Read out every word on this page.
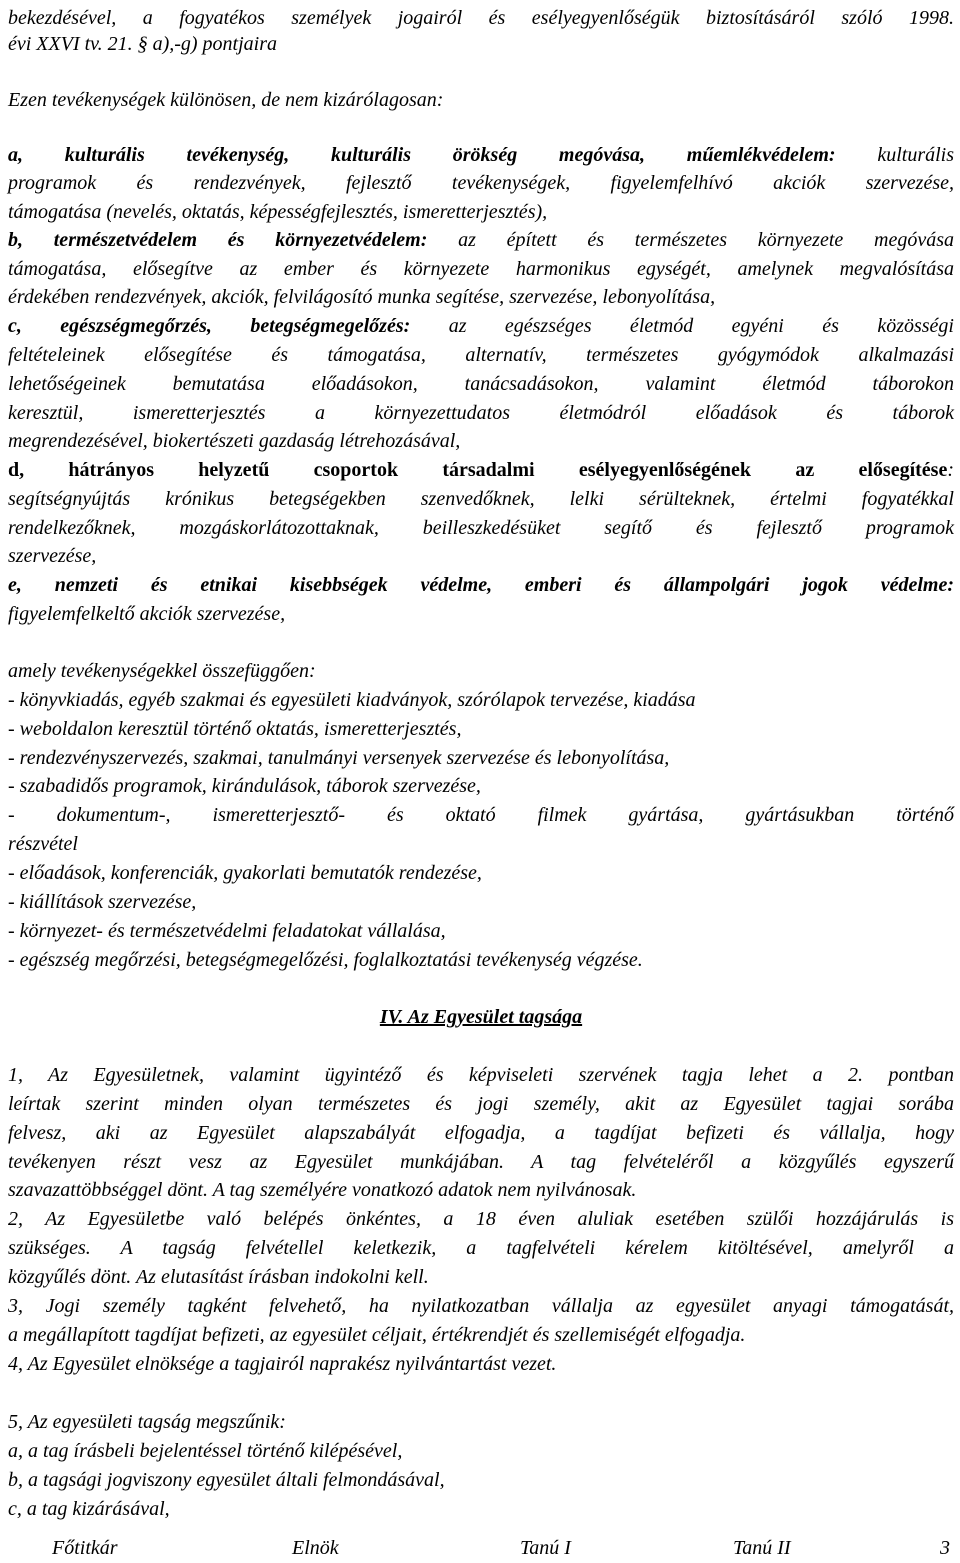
bekezdésével, a fogyatékos személyek jogairól és esélyegyenlőségük biztosításáról szóló 1998.
évi XXVI tv. 21. § a),-g) pontjaira
Ezen tevékenységek különösen, de nem kizárólagosan:
a, kulturális tevékenység, kulturális örökség megóvása, műemlékvédelem: kulturális
programok és rendezvények, fejlesztő tevékenységek, figyelemfelhívó akciók szervezése,
támogatása (nevelés, oktatás, képességfejlesztés, ismeretterjesztés),
b, természetvédelem és környezetvédelem: az épített és természetes környezete megóvása
támogatása, elősegítve az ember és környezete harmonikus egységét, amelynek megvalósítása
érdekében rendezvények, akciók, felvilágosító munka segítése, szervezése, lebonyolítása,
c, egészségmegőrzés, betegségmegelőzés: az egészséges életmód egyéni és közösségi
feltételeinek elősegítése és támogatása, alternatív, természetes gyógymódok alkalmazási
lehetőségeinek bemutatása előadásokon, tanácsadásokon, valamint életmód táborokon
keresztül, ismeretterjesztés a környezettudatos életmódról előadások és táborok
megrendezésével, biokertészeti gazdaság létrehozásával,
d, hátrányos helyzetű csoportok társadalmi esélyegyenlőségének az elősegítése:
segítségnyújtás krónikus betegségekben szenvedőknek, lelki sérülteknek, értelmi fogyatékkal
rendelkezőknek, mozgáskorlátozottaknak, beilleszkedésüket segítő és fejlesztő programok
szervezése,
e, nemzeti és etnikai kisebbségek védelme, emberi és állampolgári jogok védelme:
figyelemfelkeltő akciók szervezése,
amely tevékenységekkel összefüggően:
- könyvkiadás, egyéb szakmai és egyesületi kiadványok, szórólapok tervezése, kiadása
- weboldalon keresztül történő oktatás, ismeretterjesztés,
- rendezvényszervezés, szakmai, tanulmányi versenyek szervezése és lebonyolítása,
- szabadidős programok, kirándulások, táborok szervezése,
- dokumentum-, ismeretterjesztő- és oktató filmek gyártása, gyártásukban történő
részvétel
- előadások, konferenciák, gyakorlati bemutatók rendezése,
- kiállítások szervezése,
- környezet- és természetvédelmi feladatokat vállalása,
- egészség megőrzési, betegségmegelőzési, foglalkoztatási tevékenység végzése.
IV. Az Egyesület tagsága
1, Az Egyesületnek, valamint ügyintéző és képviseleti szervének tagja lehet a 2. pontban
leírtak szerint minden olyan természetes és jogi személy, akit az Egyesület tagjai sorába
felvesz, aki az Egyesület alapszabályát elfogadja, a tagdíjat befizeti és vállalja, hogy
tevékenyen részt vesz az Egyesület munkájában. A tag felvételéről a közgyűlés egyszerű
szavazattöbbséggel dönt. A tag személyére vonatkozó adatok nem nyilvánosak.
2, Az Egyesületbe való belépés önkéntes, a 18 éven aluliak esetében szülői hozzájárulás is
szükséges. A tagság felvétellel keletkezik, a tagfelvételi kérelem kitöltésével, amelyről a
közgyűlés dönt. Az elutasítást írásban indokolni kell.
3, Jogi személy tagként felvehető, ha nyilatkozatban vállalja az egyesület anyagi támogatását,
a megállapított tagdíjat befizeti, az egyesület céljait, értékrendjét és szellemiségét elfogadja.
4, Az Egyesület elnöksége a tagjairól naprakész nyilvántartást vezet.
5, Az egyesületi tagság megszűnik:
a, a tag írásbeli bejelentéssel történő kilépésével,
b, a tagsági jogviszony egyesület általi felmondásával,
c, a tag kizárásával,
Főtitkár	Elnök	Tanú I	Tanú II	3
